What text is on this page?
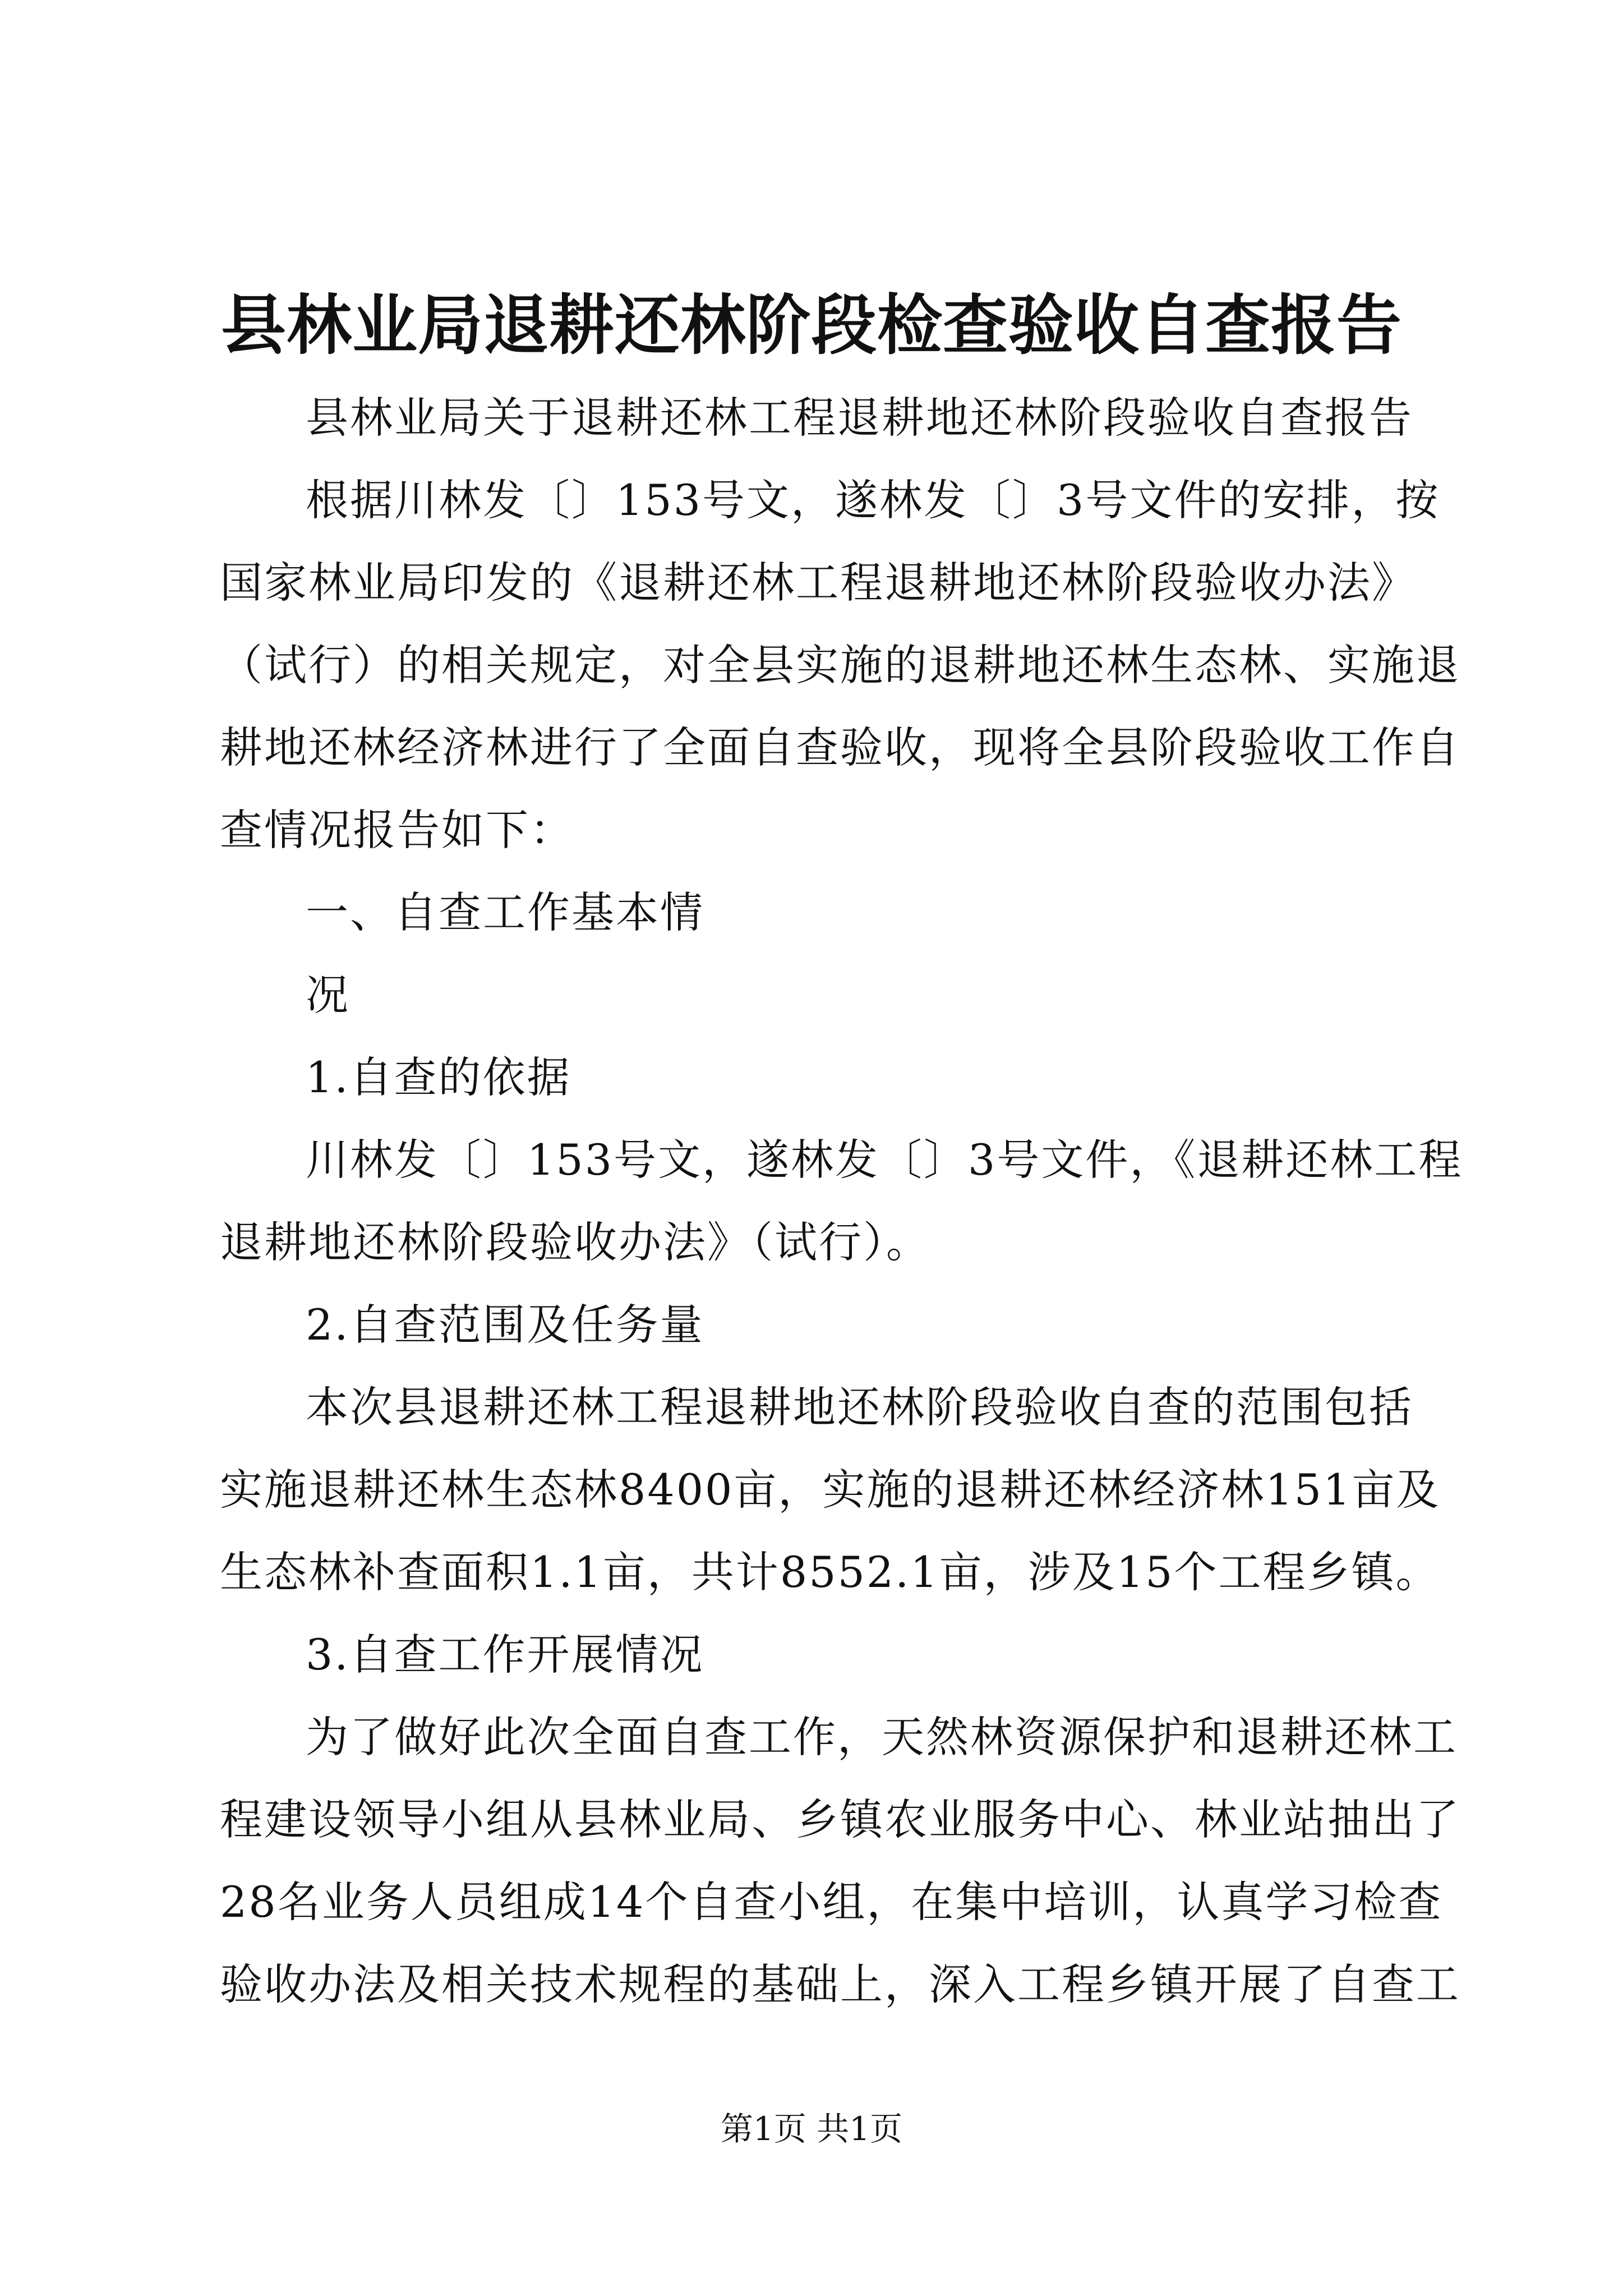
县林业局退耕还林阶段检查验收自查报告
县林业局关于退耕还林工程退耕地还林阶段验收自查报告
根据川林发〔〕153号文，遂林发〔〕3号文件的安排，按
国家林业局印发的《退耕还林工程退耕地还林阶段验收办法》
（试行）的相关规定，对全县实施的退耕地还林生态林、实施退
耕地还林经济林进行了全面自查验收，现将全县阶段验收工作自
查情况报告如下：
一、自查工作基本情
况
1.自查的依据
川林发〔〕153号文，遂林发〔〕3号文件，《退耕还林工程
退耕地还林阶段验收办法》（试行）。
2.自查范围及任务量
本次县退耕还林工程退耕地还林阶段验收自查的范围包括
实施退耕还林生态林8400亩，实施的退耕还林经济林151亩及
生态林补查面积1.1亩，共计8552.1亩，涉及15个工程乡镇。
3.自查工作开展情况
为了做好此次全面自查工作，天然林资源保护和退耕还林工
程建设领导小组从县林业局、乡镇农业服务中心、林业站抽出了
28名业务人员组成14个自查小组，在集中培训，认真学习检查
验收办法及相关技术规程的基础上，深入工程乡镇开展了自查工
第1页 共1页
